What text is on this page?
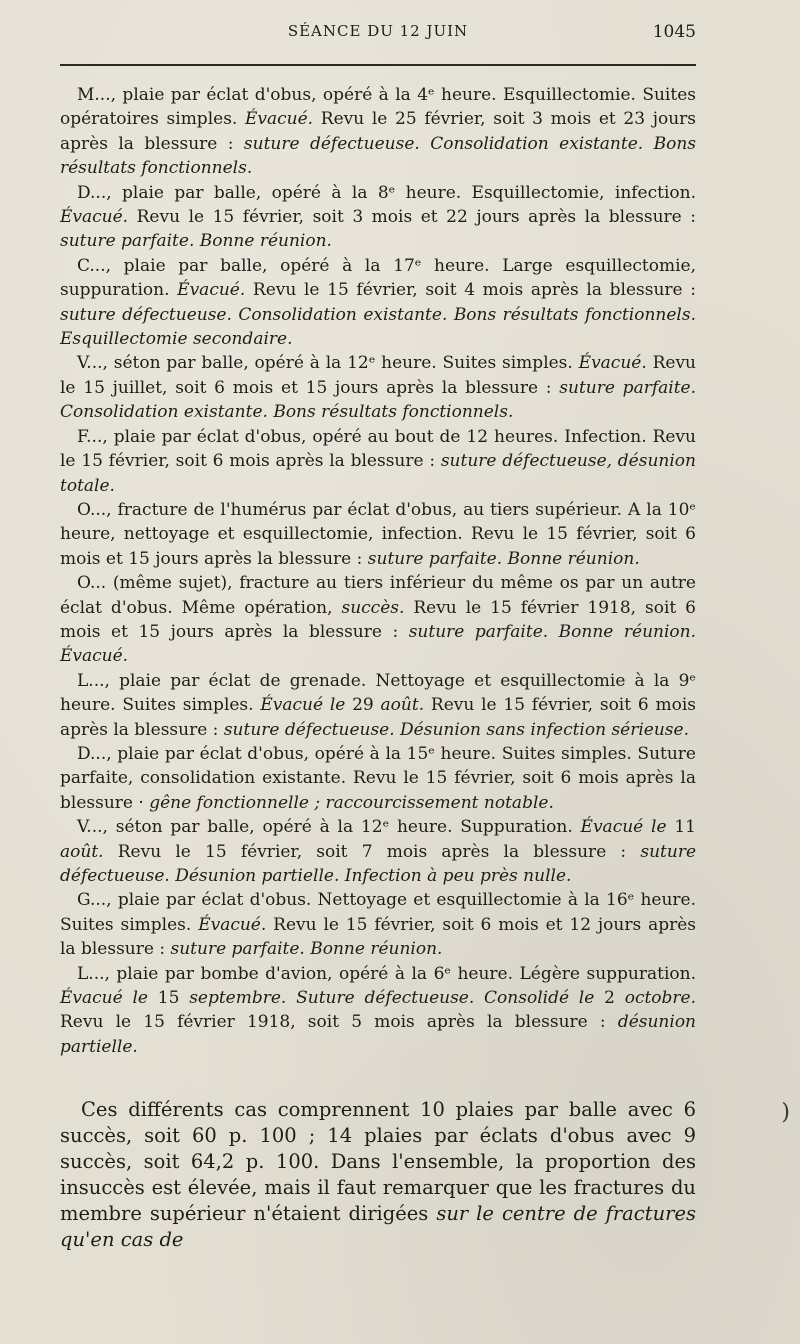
SÉANCE DU 12 JUIN	1045

M..., plaie par éclat d'obus, opéré à la 4ᵉ heure. Esquillectomie. Suites opératoires simples. Évacué. Revu le 25 février, soit 3 mois et 23 jours après la blessure : suture défectueuse. Consolidation existante. Bons résultats fonctionnels.

D..., plaie par balle, opéré à la 8ᵉ heure. Esquillectomie, infection. Évacué. Revu le 15 février, soit 3 mois et 22 jours après la blessure : suture parfaite. Bonne réunion.

C..., plaie par balle, opéré à la 17ᵉ heure. Large esquillectomie, suppuration. Évacué. Revu le 15 février, soit 4 mois après la blessure : suture défectueuse. Consolidation existante. Bons résultats fonctionnels. Esquillectomie secondaire.

V..., séton par balle, opéré à la 12ᵉ heure. Suites simples. Évacué. Revu le 15 juillet, soit 6 mois et 15 jours après la blessure : suture parfaite. Consolidation existante. Bons résultats fonctionnels.

F..., plaie par éclat d'obus, opéré au bout de 12 heures. Infection. Revu le 15 février, soit 6 mois après la blessure : suture défectueuse, désunion totale.

O..., fracture de l'humérus par éclat d'obus, au tiers supérieur. A la 10ᵉ heure, nettoyage et esquillectomie, infection. Revu le 15 février, soit 6 mois et 15 jours après la blessure : suture parfaite. Bonne réunion.

O... (même sujet), fracture au tiers inférieur du même os par un autre éclat d'obus. Même opération, succès. Revu le 15 février 1918, soit 6 mois et 15 jours après la blessure : suture parfaite. Bonne réunion. Évacué.

L..., plaie par éclat de grenade. Nettoyage et esquillectomie à la 9ᵉ heure. Suites simples. Évacué le 29 août. Revu le 15 février, soit 6 mois après la blessure : suture défectueuse. Désunion sans infection sérieuse.

D..., plaie par éclat d'obus, opéré à la 15ᵉ heure. Suites simples. Suture parfaite, consolidation existante. Revu le 15 février, soit 6 mois après la blessure · gêne fonctionnelle ; raccourcissement notable.

V..., séton par balle, opéré à la 12ᵉ heure. Suppuration. Évacué le 11 août. Revu le 15 février, soit 7 mois après la blessure : suture défectueuse. Désunion partielle. Infection à peu près nulle.

G..., plaie par éclat d'obus. Nettoyage et esquillectomie à la 16ᵉ heure. Suites simples. Évacué. Revu le 15 février, soit 6 mois et 12 jours après la blessure : suture parfaite. Bonne réunion.

L..., plaie par bombe d'avion, opéré à la 6ᵉ heure. Légère suppuration. Évacué le 15 septembre. Suture défectueuse. Consolidé le 2 octobre. Revu le 15 février 1918, soit 5 mois après la blessure : désunion partielle.

Ces différents cas comprennent 10 plaies par balle avec 6 succès, soit 60 p. 100 ; 14 plaies par éclats d'obus avec 9 succès, soit 64,2 p. 100. Dans l'ensemble, la proportion des insuccès est élevée, mais il faut remarquer que les fractures du membre supérieur n'étaient dirigées sur le centre de fractures qu'en cas de

)
